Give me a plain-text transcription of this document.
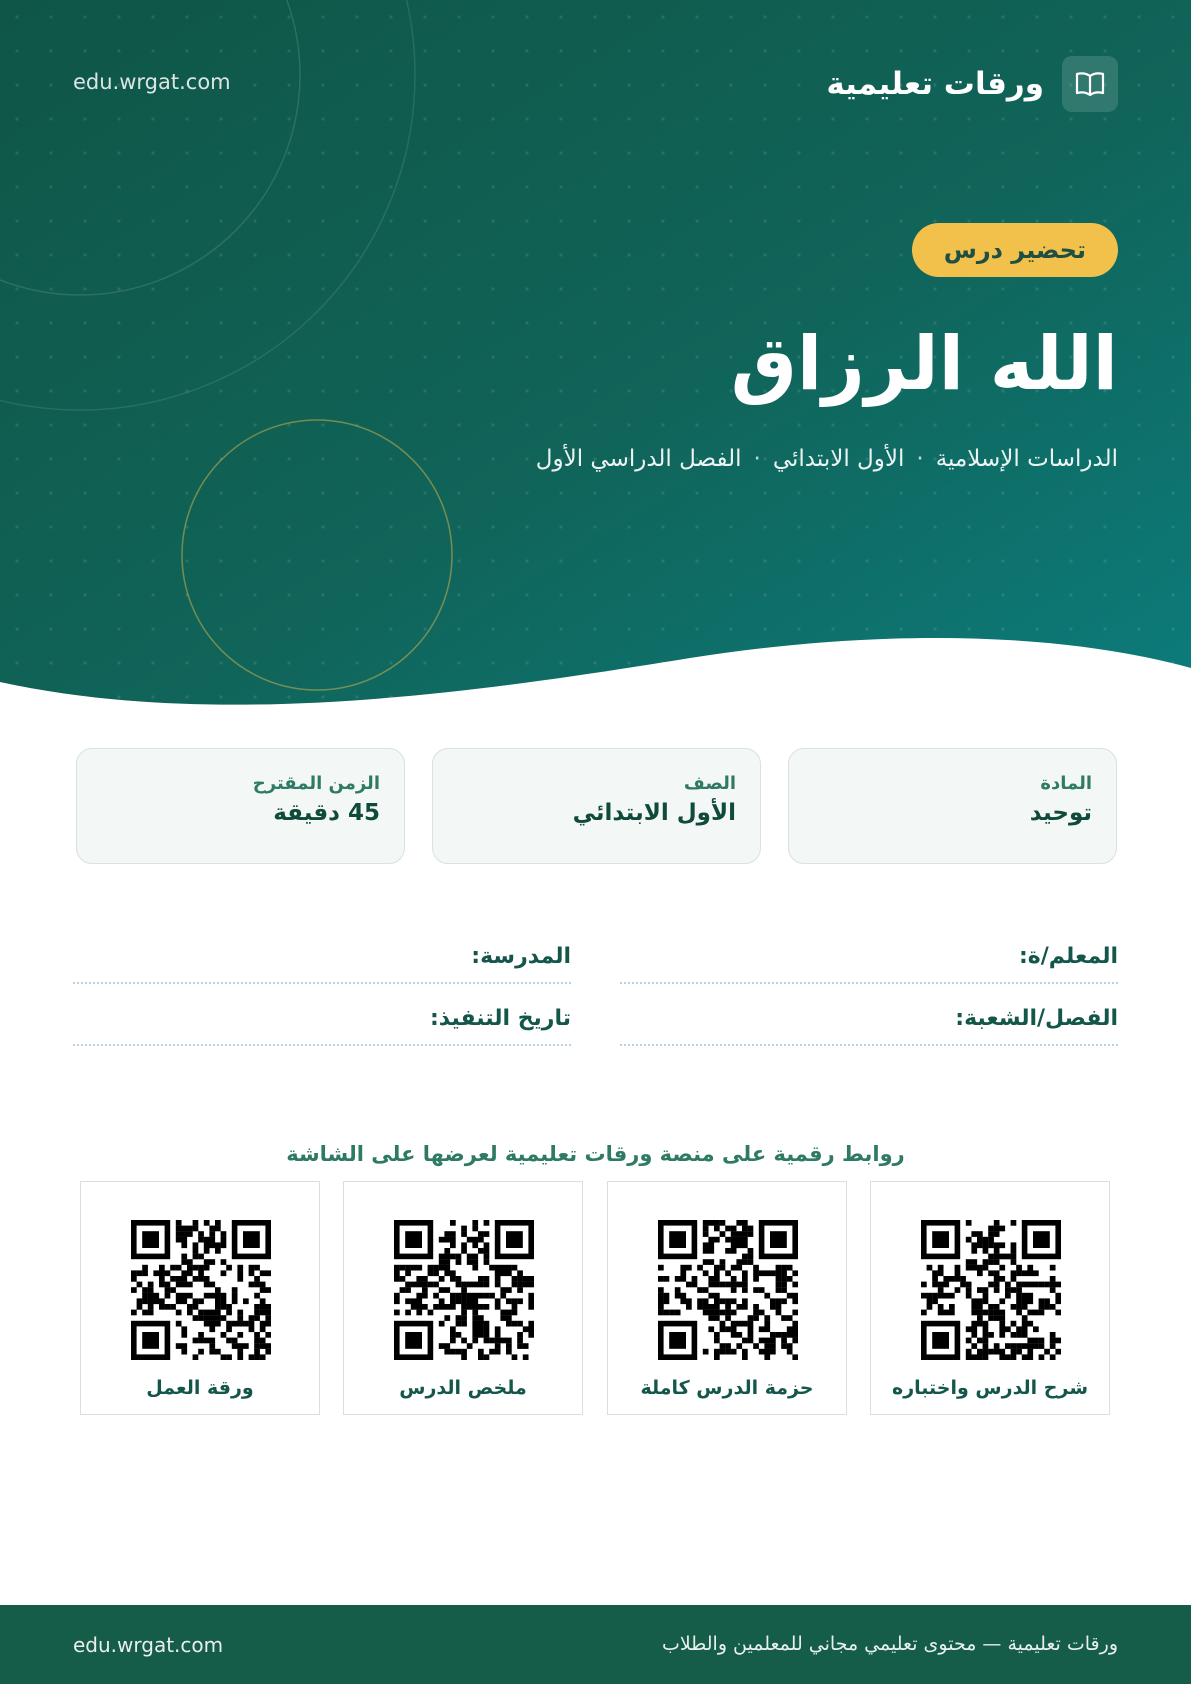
ورقات تعليمية
edu.wrgat.com
تحضير درس
الله الرزاق
الدراسات الإسلامية·الأول الابتدائي·الفصل الدراسي الأول
المادة
توحيد
الصف
الأول الابتدائي
الزمن المقترح
45 دقيقة
المعلم/ة:
المدرسة:
الفصل/الشعبة:
تاريخ التنفيذ:
روابط رقمية على منصة ورقات تعليمية لعرضها على الشاشة
شرح الدرس واختباره
حزمة الدرس كاملة
ملخص الدرس
ورقة العمل
ورقات تعليمية — محتوى تعليمي مجاني للمعلمين والطلاب
edu.wrgat.com
